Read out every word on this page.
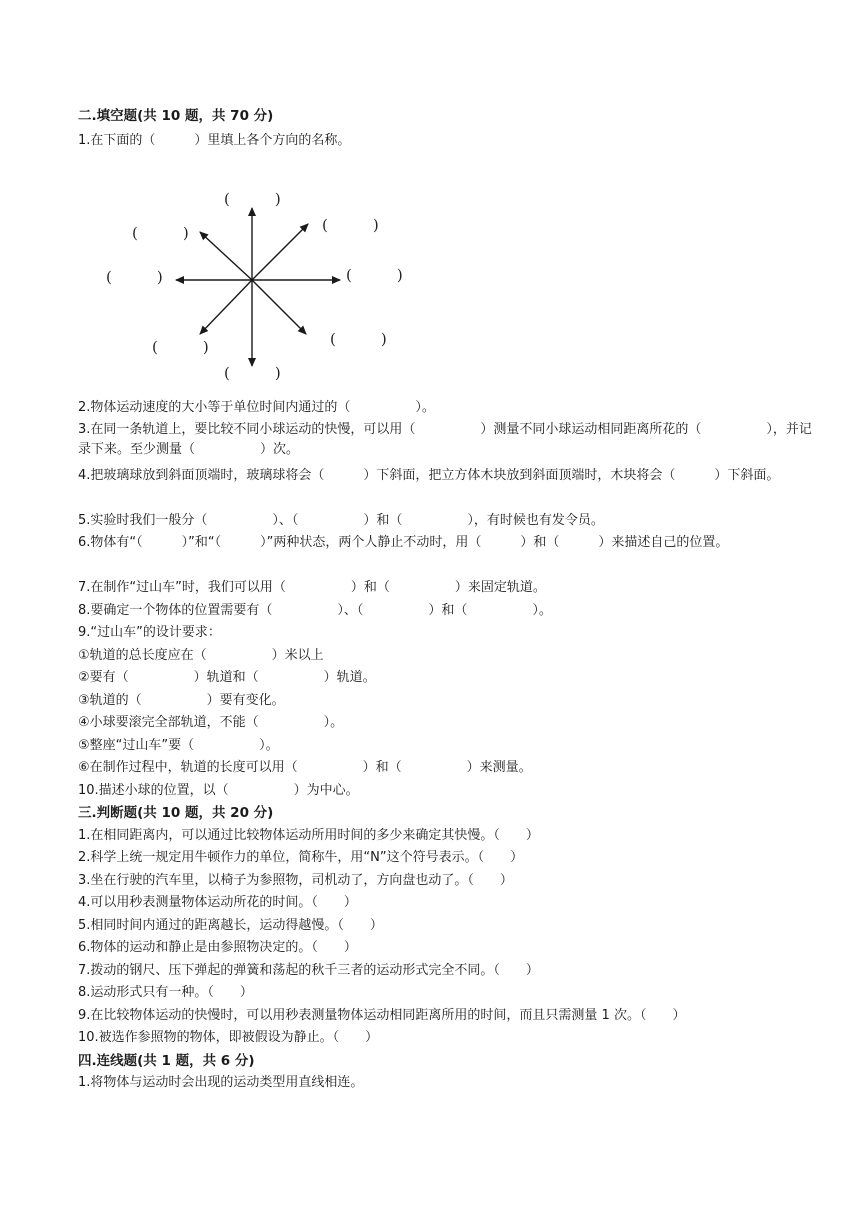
二.填空题(共 10 题，共 70 分)
1.在下面的（　　　）里填上各个方向的名称。
(　　　)
(　　　)
(　　　)
(　　　)
(　　　)
(　　　)
(　　　)
(　　　)
2.物体运动速度的大小等于单位时间内通过的（　　　　　）。
3.在同一条轨道上，要比较不同小球运动的快慢，可以用（　　　　　）测量不同小球运动相同距离所花的（　　　　　），并记录下来。至少测量（　　　　　）次。
4.把玻璃球放到斜面顶端时，玻璃球将会（　　　）下斜面，把立方体木块放到斜面顶端时，木块将会（　　　）下斜面。
5.实验时我们一般分（　　　　　）、（　　　　　）和（　　　　　），有时候也有发令员。
6.物体有“（　　　）”和“（　　　）”两种状态，两个人静止不动时，用（　　　）和（　　　）来描述自己的位置。
7.在制作“过山车”时，我们可以用（　　　　　）和（　　　　　）来固定轨道。
8.要确定一个物体的位置需要有（　　　　　）、（　　　　　）和（　　　　　）。
9.“过山车”的设计要求：
①轨道的总长度应在（　　　　　）米以上
②要有（　　　　　）轨道和（　　　　　）轨道。
③轨道的（　　　　　）要有变化。
④小球要滚完全部轨道，不能（　　　　　）。
⑤整座“过山车”要（　　　　　）。
⑥在制作过程中，轨道的长度可以用（　　　　　）和（　　　　　）来测量。
10.描述小球的位置，以（　　　　　）为中心。
三.判断题(共 10 题，共 20 分)
1.在相同距离内，可以通过比较物体运动所用时间的多少来确定其快慢。（　　）
2.科学上统一规定用牛顿作力的单位，简称牛，用“N”这个符号表示。（　　）
3.坐在行驶的汽车里，以椅子为参照物，司机动了，方向盘也动了。（　　）
4.可以用秒表测量物体运动所花的时间。（　　）
5.相同时间内通过的距离越长，运动得越慢。（　　）
6.物体的运动和静止是由参照物决定的。（　　）
7.拨动的钢尺、压下弹起的弹簧和荡起的秋千三者的运动形式完全不同。（　　）
8.运动形式只有一种。（　　）
9.在比较物体运动的快慢时，可以用秒表测量物体运动相同距离所用的时间，而且只需测量 1 次。（　　）
10.被选作参照物的物体，即被假设为静止。（　　）
四.连线题(共 1 题，共 6 分)
1.将物体与运动时会出现的运动类型用直线相连。
